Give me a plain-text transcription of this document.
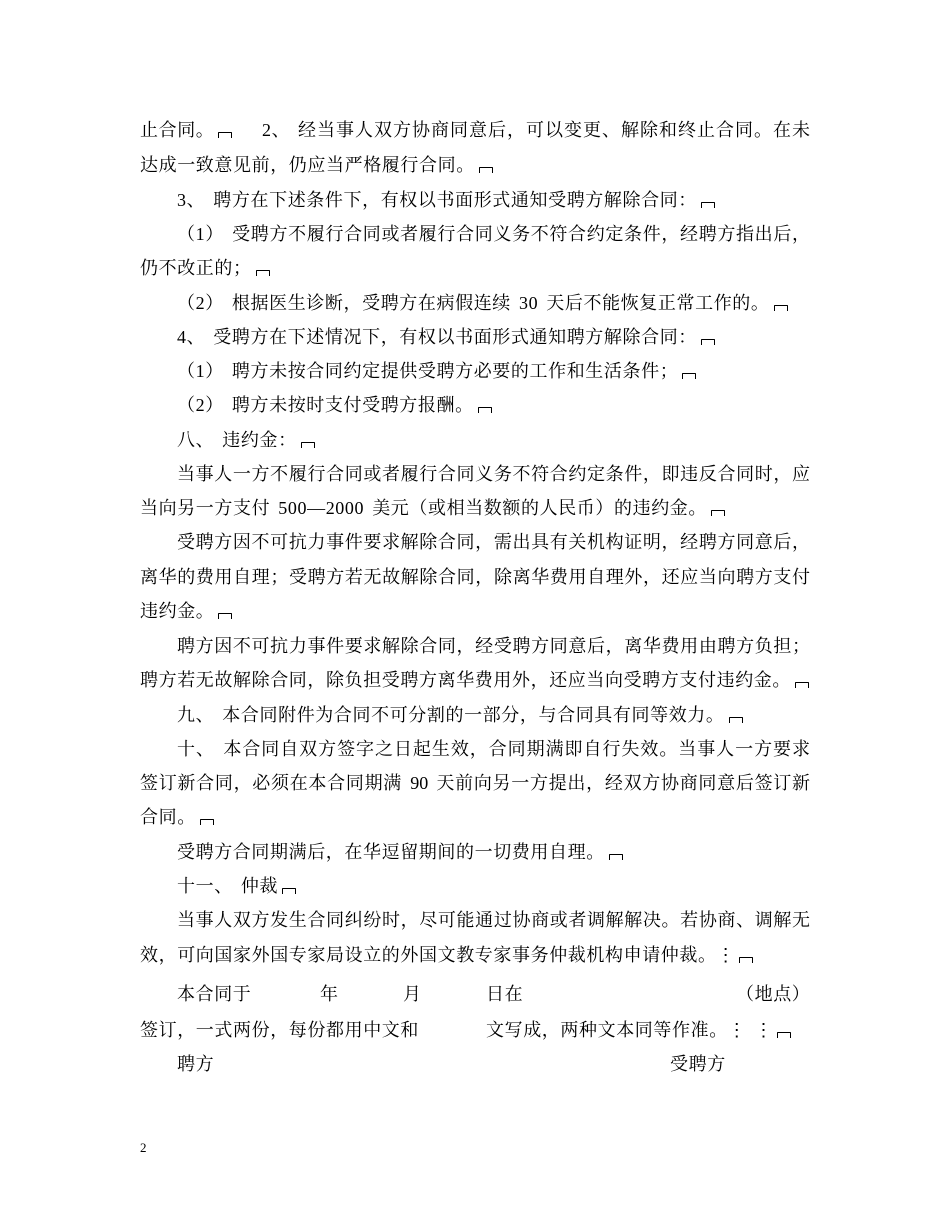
止合同。	2、 经当事人双方协商同意后，可以变更、解除和终止合同。在未
达成一致意见前，仍应当严格履行合同。
3、 聘方在下述条件下，有权以书面形式通知受聘方解除合同：
（1） 受聘方不履行合同或者履行合同义务不符合约定条件，经聘方指出后，
仍不改正的；
（2） 根据医生诊断，受聘方在病假连续 30 天后不能恢复正常工作的。
4、 受聘方在下述情况下，有权以书面形式通知聘方解除合同：
（1） 聘方未按合同约定提供受聘方必要的工作和生活条件；
（2） 聘方未按时支付受聘方报酬。
八、 违约金：
当事人一方不履行合同或者履行合同义务不符合约定条件，即违反合同时，应
当向另一方支付 500—2000 美元（或相当数额的人民币）的违约金。
受聘方因不可抗力事件要求解除合同，需出具有关机构证明，经聘方同意后，
离华的费用自理；受聘方若无故解除合同，除离华费用自理外，还应当向聘方支付
违约金。
聘方因不可抗力事件要求解除合同，经受聘方同意后，离华费用由聘方负担；
聘方若无故解除合同，除负担受聘方离华费用外，还应当向受聘方支付违约金。
九、 本合同附件为合同不可分割的一部分，与合同具有同等效力。
十、 本合同自双方签字之日起生效，合同期满即自行失效。当事人一方要求
签订新合同，必须在本合同期满 90 天前向另一方提出，经双方协商同意后签订新
合同。
受聘方合同期满后，在华逗留期间的一切费用自理。
十一、 仲裁
当事人双方发生合同纠纷时，尽可能通过协商或者调解解决。若协商、调解无
效，可向国家外国专家局设立的外国文教专家事务仲裁机构申请仲裁。⋮
本合同于	年	月	日在	（地点）
签订，一式两份，每份都用中文和	文写成，两种文本同等作准。⋮ ⋮
聘方	受聘方
2
